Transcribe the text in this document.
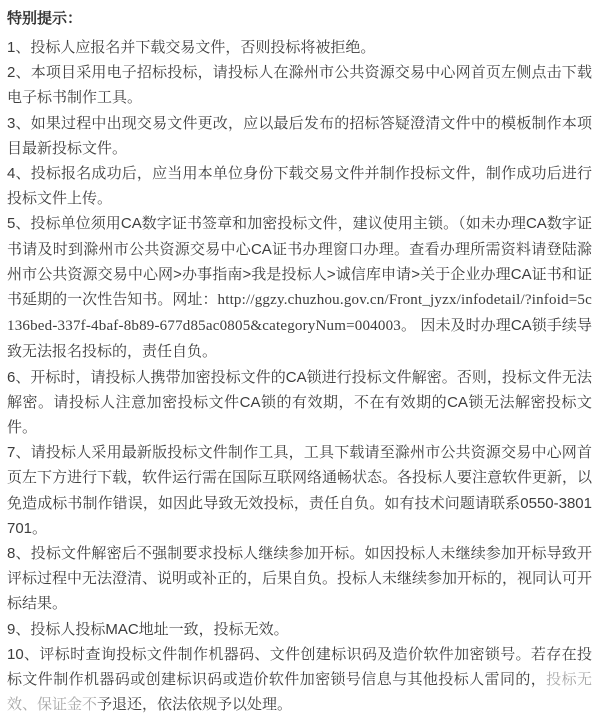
特别提示：

1、投标人应报名并下载交易文件，否则投标将被拒绝。

2、本项目采用电子招标投标，请投标人在滁州市公共资源交易中心网首页左侧点击下载电子标书制作工具。

3、如果过程中出现交易文件更改，应以最后发布的招标答疑澄清文件中的模板制作本项目最新投标文件。

4、投标报名成功后，应当用本单位身份下载交易文件并制作投标文件，制作成功后进行投标文件上传。

5、投标单位须用CA数字证书签章和加密投标文件，建议使用主锁。（如未办理CA数字证书请及时到滁州市公共资源交易中心CA证书办理窗口办理。查看办理所需资料请登陆滁州市公共资源交易中心网>办事指南>我是投标人>诚信库申请>关于企业办理CA证书和证书延期的一次性告知书。网址：http://ggzy.chuzhou.gov.cn/Front_jyzx/infodetail/?infoid=5c136bed-337f-4baf-8b89-677d85ac0805&categoryNum=004003。 因未及时办理CA锁手续导致无法报名投标的，责任自负。

6、开标时，请投标人携带加密投标文件的CA锁进行投标文件解密。否则，投标文件无法解密。请投标人注意加密投标文件CA锁的有效期，不在有效期的CA锁无法解密投标文件。

7、请投标人采用最新版投标文件制作工具，工具下载请至滁州市公共资源交易中心网首页左下方进行下载，软件运行需在国际互联网络通畅状态。各投标人要注意软件更新，以免造成标书制作错误，如因此导致无效投标，责任自负。如有技术问题请联系0550-3801701。

8、投标文件解密后不强制要求投标人继续参加开标。如因投标人未继续参加开标导致开评标过程中无法澄清、说明或补正的，后果自负。投标人未继续参加开标的，视同认可开标结果。

9、投标人投标MAC地址一致，投标无效。

10、评标时查询投标文件制作机器码、文件创建标识码及造价软件加密锁号。若存在投标文件制作机器码或创建标识码或造价软件加密锁号信息与其他投标人雷同的，投标无效、保证金不予退还，依法依规予以处理。
